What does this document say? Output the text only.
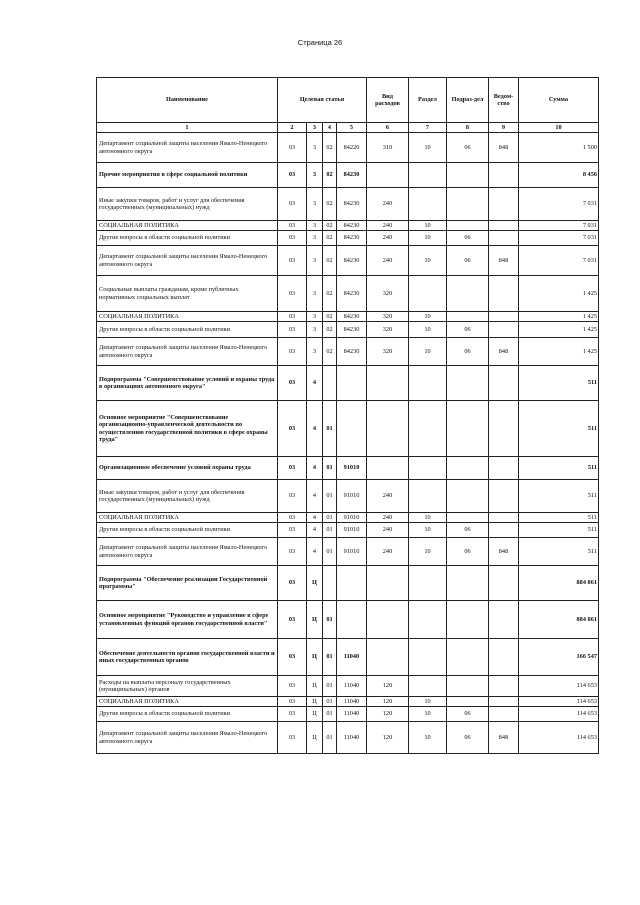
Страница 26
Наименование	Целевая статья				Вид расходов	Раздел	Подраз-дел	Ведом-ство	Сумма
1	2	3	4	5	6	7	8	9	10
Департамент социальной защиты населения Ямало-Ненецкого автономного округа	03	3	02	84220	310	10	06	848	1 500
Прочие мероприятия в сфере социальной политики	03	3	02	84230					8 456
Иные закупки товаров, работ и услуг для обеспечения государственных (муниципальных) нужд	03	3	02	84230	240				7 031
СОЦИАЛЬНАЯ ПОЛИТИКА	03	3	02	84230	240	10			7 031
Другие вопросы в области социальной политики	03	3	02	84230	240	10	06		7 031
Департамент социальной защиты населения Ямало-Ненецкого автономного округа	03	3	02	84230	240	10	06	848	7 031
Социальные выплаты гражданам, кроме публичных нормативных социальных выплат	03	3	02	84230	320				1 425
СОЦИАЛЬНАЯ ПОЛИТИКА	03	3	02	84230	320	10			1 425
Другие вопросы в области социальной политики	03	3	02	84230	320	10	06		1 425
Департамент социальной защиты населения Ямало-Ненецкого автономного округа	03	3	02	84230	320	10	06	848	1 425
Подпрограмма "Совершенствование условий и охраны труда в организациях автономного округа"	03	4							511
Основное мероприятие "Совершенствование организационно-управленческой деятельности по осуществлению государственной политики в сфере охраны труда"	03	4	01						511
Организационное обеспечение условий охраны труда	03	4	01	91010					511
Иные закупки товаров, работ и услуг для обеспечения государственных (муниципальных) нужд	03	4	01	91010	240				511
СОЦИАЛЬНАЯ ПОЛИТИКА	03	4	01	91010	240	10			511
Другие вопросы в области социальной политики	03	4	01	91010	240	10	06		511
Департамент социальной защиты населения Ямало-Ненецкого автономного округа	03	4	01	91010	240	10	06	848	511
Подпрограмма "Обеспечение реализации Государственной программы"	03	Ц							884 861
Основное мероприятие "Руководство и управление в сфере установленных функций органов государственной власти"	03	Ц	01						884 861
Обеспечение деятельности органов государственной власти и иных государственных органов	03	Ц	01	11040					166 547
Расходы на выплаты персоналу государственных (муниципальных) органов	03	Ц	01	11040	120				114 653
СОЦИАЛЬНАЯ ПОЛИТИКА	03	Ц	01	11040	120	10			114 653
Другие вопросы в области социальной политики	03	Ц	01	11040	120	10	06		114 653
Департамент социальной защиты населения Ямало-Ненецкого автономного округа	03	Ц	01	11040	120	10	06	848	114 653
